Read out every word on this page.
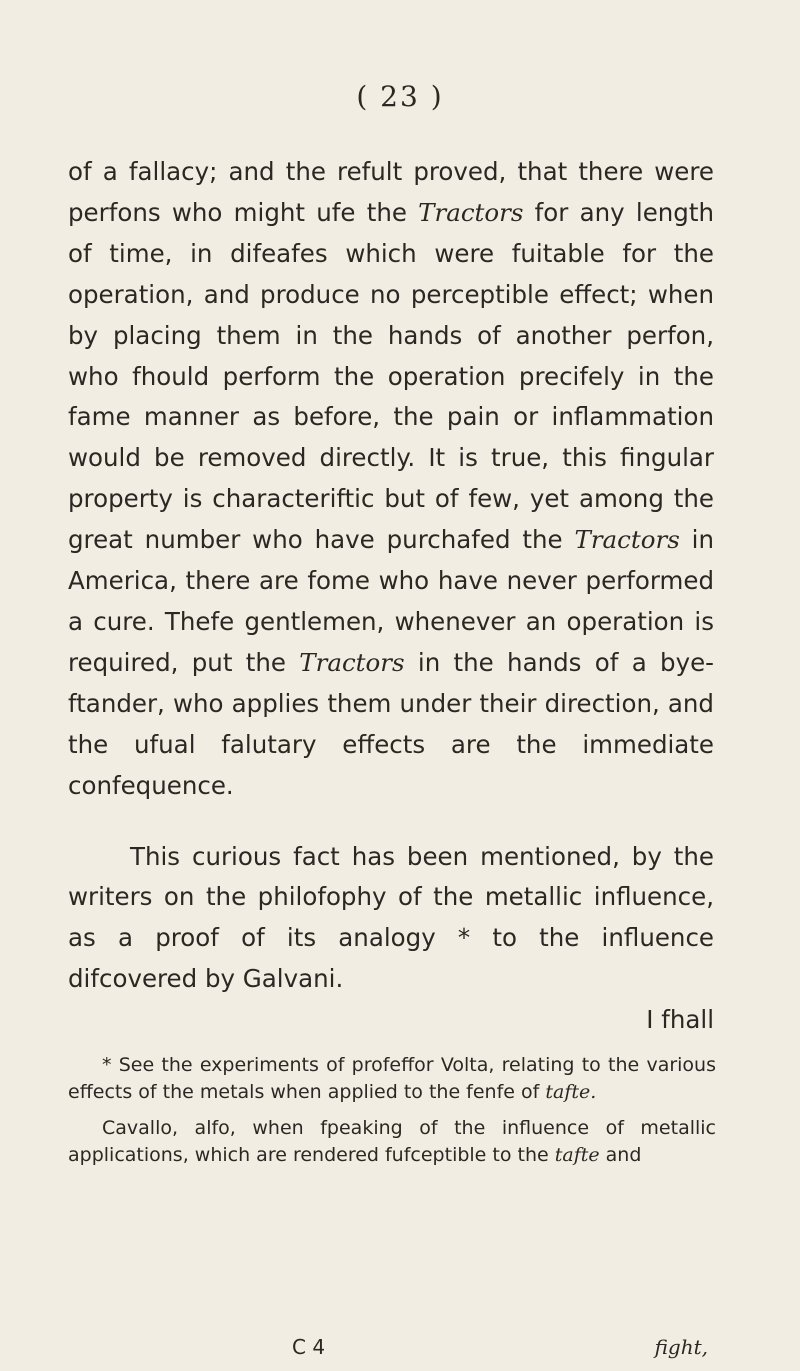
( 23 )

of a fallacy; and the refult proved, that there were perfons who might ufe the Tractors for any length of time, in difeafes which were fuitable for the operation, and produce no perceptible effect; when by placing them in the hands of another perfon, who fhould perform the operation precifely in the fame manner as before, the pain or inflammation would be removed directly. It is true, this fingular property is characteriftic but of few, yet among the great number who have purchafed the Tractors in America, there are fome who have never performed a cure. Thefe gentlemen, whenever an operation is required, put the Tractors in the hands of a bye-ftander, who applies them under their direction, and the ufual falutary effects are the immediate confequence.

This curious fact has been mentioned, by the writers on the philofophy of the metallic influence, as a proof of its analogy * to the influence difcovered by Galvani.

I fhall

* See the experiments of profeffor Volta, relating to the various effects of the metals when applied to the fenfe of tafte.

Cavallo, alfo, when fpeaking of the influence of metallic applications, which are rendered fufceptible to the tafte and

C 4	fight,
